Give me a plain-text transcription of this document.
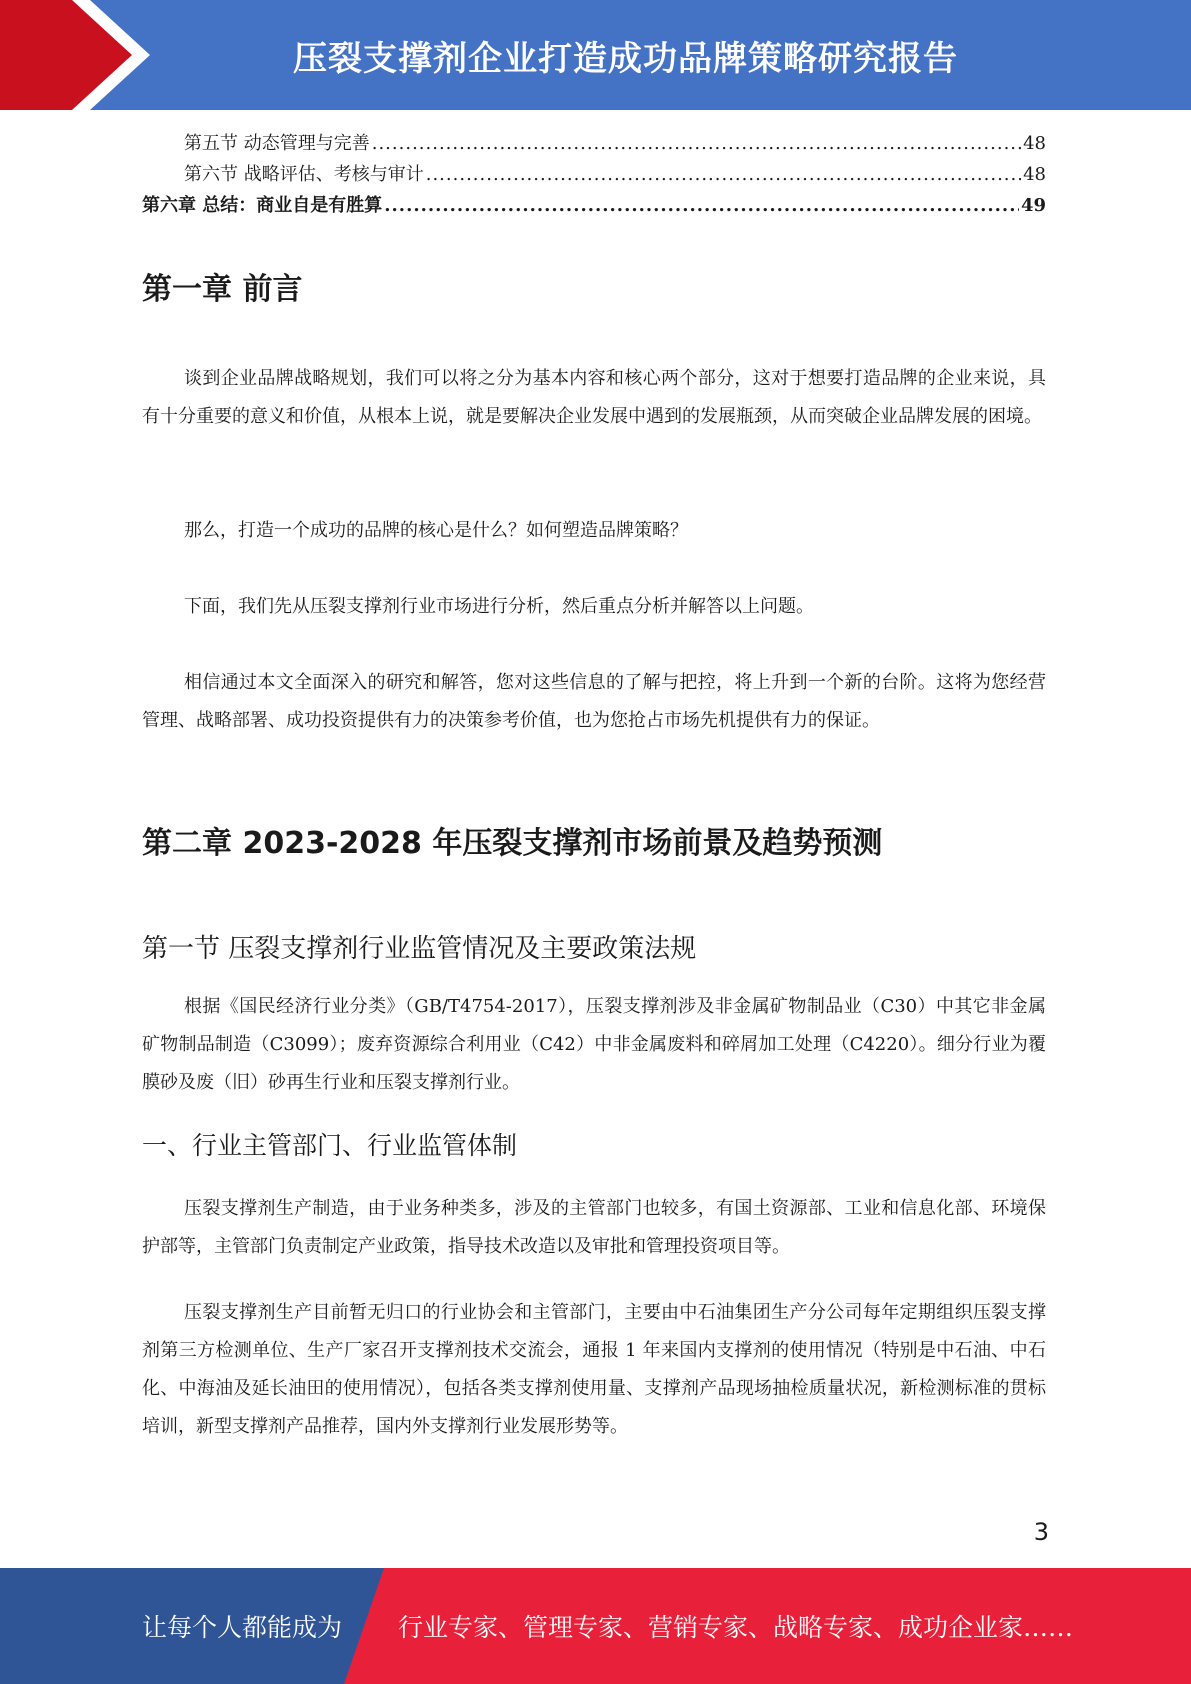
压裂支撑剂企业打造成功品牌策略研究报告
第五节 动态管理与完善 .....	48
第六节 战略评估、考核与审计 .....	48
第六章 总结：商业自是有胜算 .....	49
第一章 前言

谈到企业品牌战略规划，我们可以将之分为基本内容和核心两个部分，这对于想要打造品牌的企业来说，具有十分重要的意义和价值，从根本上说，就是要解决企业发展中遇到的发展瓶颈，从而突破企业品牌发展的困境。

那么，打造一个成功的品牌的核心是什么？如何塑造品牌策略？

下面，我们先从压裂支撑剂行业市场进行分析，然后重点分析并解答以上问题。

相信通过本文全面深入的研究和解答，您对这些信息的了解与把控，将上升到一个新的台阶。这将为您经营管理、战略部署、成功投资提供有力的决策参考价值，也为您抢占市场先机提供有力的保证。

第二章 2023-2028 年压裂支撑剂市场前景及趋势预测
第一节 压裂支撑剂行业监管情况及主要政策法规

根据《国民经济行业分类》（GB/T4754-2017），压裂支撑剂涉及非金属矿物制品业（C30）中其它非金属矿物制品制造（C3099）；废弃资源综合利用业（C42）中非金属废料和碎屑加工处理（C4220）。细分行业为覆膜砂及废（旧）砂再生行业和压裂支撑剂行业。

一、行业主管部门、行业监管体制

压裂支撑剂生产制造，由于业务种类多，涉及的主管部门也较多，有国土资源部、工业和信息化部、环境保护部等，主管部门负责制定产业政策，指导技术改造以及审批和管理投资项目等。

压裂支撑剂生产目前暂无归口的行业协会和主管部门，主要由中石油集团生产分公司每年定期组织压裂支撑剂第三方检测单位、生产厂家召开支撑剂技术交流会，通报 1 年来国内支撑剂的使用情况（特别是中石油、中石化、中海油及延长油田的使用情况），包括各类支撑剂使用量、支撑剂产品现场抽检质量状况，新检测标准的贯标培训，新型支撑剂产品推荐，国内外支撑剂行业发展形势等。

3
让每个人都能成为 行业专家、管理专家、营销专家、战略专家、成功企业家……
